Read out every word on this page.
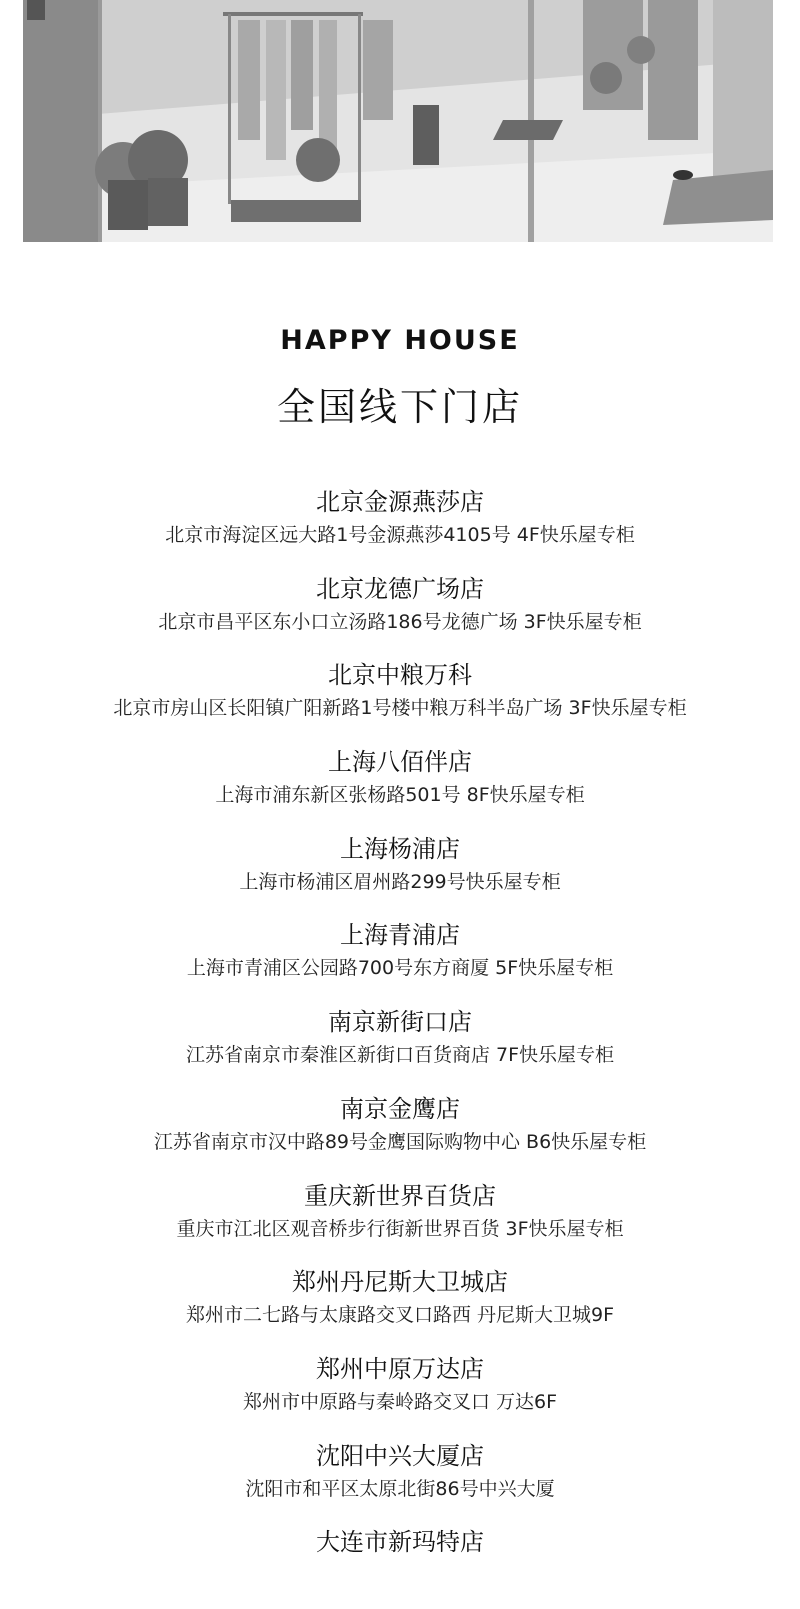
HAPPY HOUSE
全国线下门店
北京金源燕莎店
北京市海淀区远大路1号金源燕莎4105号 4F快乐屋专柜
北京龙德广场店
北京市昌平区东小口立汤路186号龙德广场 3F快乐屋专柜
北京中粮万科
北京市房山区长阳镇广阳新路1号楼中粮万科半岛广场 3F快乐屋专柜
上海八佰伴店
上海市浦东新区张杨路501号 8F快乐屋专柜
上海杨浦店
上海市杨浦区眉州路299号快乐屋专柜
上海青浦店
上海市青浦区公园路700号东方商厦 5F快乐屋专柜
南京新街口店
江苏省南京市秦淮区新街口百货商店 7F快乐屋专柜
南京金鹰店
江苏省南京市汉中路89号金鹰国际购物中心 B6快乐屋专柜
重庆新世界百货店
重庆市江北区观音桥步行街新世界百货 3F快乐屋专柜
郑州丹尼斯大卫城店
郑州市二七路与太康路交叉口路西 丹尼斯大卫城9F
郑州中原万达店
郑州市中原路与秦岭路交叉口 万达6F
沈阳中兴大厦店
沈阳市和平区太原北街86号中兴大厦
大连市新玛特店
